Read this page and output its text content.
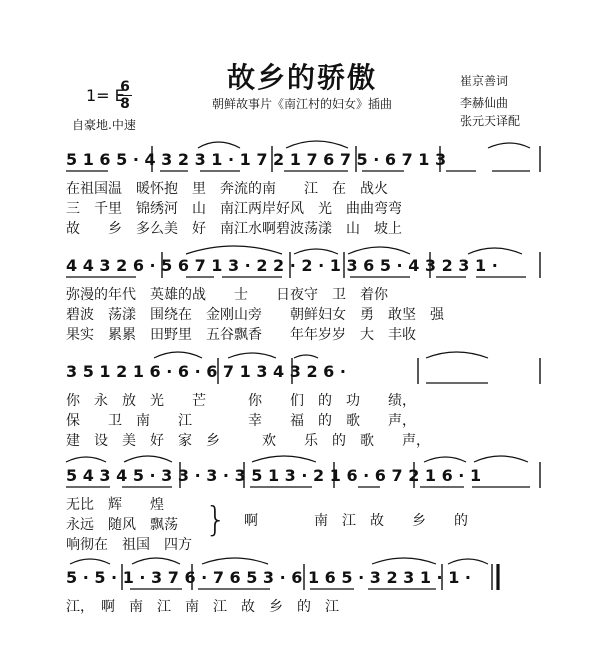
故乡的骄傲
朝鲜故事片《南江村的妇女》插曲
崔京善词
李赫仙曲
张元天译配
1= E
6
8
自豪地.中速
5 1 6 5 · 4 3 2 3 1 · 1 7 2 1 7 6 7 5 · 6 7 1 3
在祖国温　暖怀抱　里　奔流的南　　江　在　战火
三　千里　锦绣河　山　南江两岸好风　光　曲曲弯弯
故　　乡　多么美　好　南江水啊碧波荡漾　山　坡上
4 4 3 2 6 · 5 6 7 1 3 · 2 2 · 2 · 1 3 6 5 · 4 3 2 3 1 ·
弥漫的年代　英雄的战　　士　　日夜守　卫　着你
碧波　荡漾　围绕在　金刚山旁　　朝鲜妇女　勇　敢坚　强
果实　累累　田野里　五谷飘香　　年年岁岁　大　丰收
3 5 1 2 1 6 · 6 · 6 7 1 3 4 3 2 6 ·
你　永　放　光　　芒　　　你　　们　的　功　　绩，
保　　卫　南　　江　　　　幸　　福　的　歌　　声，
建　设　美　好　家　乡　　　欢　　乐　的　歌　　声，
5 4 3 4 5 · 3 3 · 3 · 3 5 1 3 · 2 1 6 · 6 7 2 1 6 · 1
无比　辉　　煌
永远　随风　飘荡
响彻在　祖国　四方
} 啊　　　　南　江　故　　乡　　的
5 · 5 · 1 · 3 7 6 · 7 6 5 3 · 6 1 6 5 · 3 2 3 1 · 1 ·
江，　啊　南　江　南　江　故　乡　的　江
